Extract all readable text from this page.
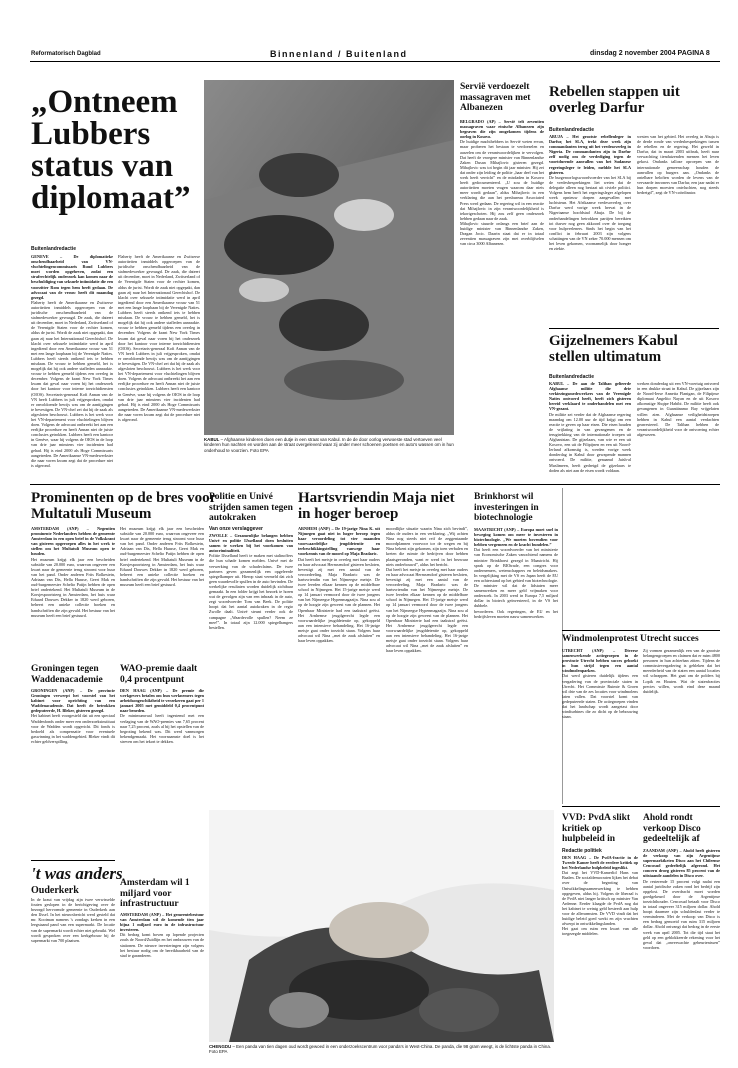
Reformatorisch Dagblad	Binnenland / Buitenland	dinsdag 2 november 2004 PAGINA 8
„Ontneem Lubbers status van diplomaat”
Buitenlandredactie

GENEVE – De diplomatieke onschendbaarheid van VN-vluchtelingencommissaris Ruud Lubbers moet worden opgeheven, zodat een strafrechtelijk onderzoek kan komen naar de beschuldiging van seksuele intimidatie die een voorzitter Rom tegen hem heeft gedaan. De advocaat van de vrouw heeft dit maandag gezegd.

Flaherty heeft de Amerikaanse en Zwitserse autoriteiten inmiddels opgeroepen van de juridische onschendbaarheid van de stafmedewerker gevraagd. De zaak, die dateert uit december, moet in Nederland, Zwitserland of de Verenigde Staten voor de rechter komen, aldus de jurist. Wordt de zaak niet opgepakt, dan gaan zij naar het Internationaal Gerechtshof. De klacht over seksuele intimidatie werd in april ingediend door een Amerikaanse vrouw van 51 met een lange loopbaan bij de Verenigde Naties. Lubbers heeft steeds ontkend iets te hebben misdaan. De vrouw te hebben gemeld, het is mogelijk dat hij ook andere stafleden aanraakte. vrouw te hebben gemeld tijdens een overleg in december. Volgens de krant New York Times kwam dat geval naar voren bij het onderzoek door het kantoor voor interne toezichtdiensten (OIOS). Secretaris-generaal Kofi Annan van de VN heeft Lubbers in juli vrijgesproken, omdat er onvoldoende bewijs was om de aantijgingen te bevestigen. De VN-chef zei dat hij de zaak als afgesloten beschouwt. Lubbers is het werk voor het VN-departement voor vluchtelingen blijven doen. Volgens de advocaat ontbreekt het aan een eerlijke procedure en heeft Annan niet de juiste conclusies getrokken. Lubbers heeft een kantoor in Genève, waar hij volgens de OIOS in de loop van drie jaar minstens vier incidenten had gehad. Hij is eind 2000 als Hoge Commissaris aangetreden. De Amerikaanse VN-medewerkster die naar voren kwam zegt dat de procedure niet is afgerond.

Flaherty heeft de Amerikaanse en Zwitserse autoriteiten inmiddels opgeroepen van de juridische onschendbaarheid van de stafmedewerker gevraagd. De zaak, die dateert uit december, moet in Nederland, Zwitserland of de Verenigde Staten voor de rechter komen, aldus de jurist. Wordt de zaak niet opgepakt, dan gaan zij naar het Internationaal Gerechtshof. De klacht over seksuele intimidatie werd in april ingediend door een Amerikaanse vrouw van 51 met een lange loopbaan bij de Verenigde Naties. Lubbers heeft steeds ontkend iets te hebben misdaan. De vrouw te hebben gemeld, het is mogelijk dat hij ook andere stafleden aanraakte. vrouw te hebben gemeld tijdens een overleg in december. Volgens de krant New York Times kwam dat geval naar voren bij het onderzoek door het kantoor voor interne toezichtdiensten (OIOS). Secretaris-generaal Kofi Annan van de VN heeft Lubbers in juli vrijgesproken, omdat er onvoldoende bewijs was om de aantijgingen te bevestigen. De VN-chef zei dat hij de zaak als afgesloten beschouwt. Lubbers is het werk voor het VN-departement voor vluchtelingen blijven doen. Volgens de advocaat ontbreekt het aan een eerlijke procedure en heeft Annan niet de juiste conclusies getrokken. Lubbers heeft een kantoor in Genève, waar hij volgens de OIOS in de loop van drie jaar minstens vier incidenten had gehad. Hij is eind 2000 als Hoge Commissaris aangetreden. De Amerikaanse VN-medewerkster die naar voren kwam zegt dat de procedure niet is afgerond.

KABUL – Afghaanse kinderen doen een dutje in een straat van Kabul. In de de door oorlog verwoeste stad vertoeven veel kinderen hun nachten en worden aan de straat overgeleverd waar zij onder meer schoenen poetsen en auto's wassen om in hun onderhoud te voorzien. Foto EPA
Servië verdoezelt massagraven met Albanezen

BELGRADO (AP) – Servië telt zeventien massagraven waar etnische Albanezen zijn begraven die zijn omgekomen tijdens de oorlog in Kosovo.

De huidige machthebbers in Servië weten ervan, maar proberen het bestaan te verdoezelen en aarzelen om de verantwoordelijken te vervolgen. Dat heeft de vroegere minister van Binnenlandse Zaken Dusan Mihajlovic gisteren gezegd. Mihajlovic was tot begin dit jaar minister. Hij zei dat onder zijn leiding de politie „haar deel van het werk heeft verricht” en de misdaden in Kosovo heeft gedocumenteerd. „U zou de huidige autoriteiten moeten vragen waarom daar niets meer wordt gedaan”, aldus Mihajlovic in een verklaring die aan het persbureau Associated Press werd gedaan. De regering wil in een reactie dat Mihajlovic in zijn verantwoordelijkheid is tekortgeschoten. Hij zou zelf geen onderzoek hebben gedaan naar de zaak.

Mihajlovic stuurde onlangs een brief aan de huidige minister van Binnenlandse Zaken, Dragan Jocic. Daarin staat dat er in totaal zeventien massagraven zijn met overblijfselen van circa 3000 Albanezen.

Rebellen stappen uit overleg Darfur
Buitenlandredactie

ABUJA – Het grootste rebellenleger in Darfur, het SLA, trekt deze week zijn commandanten terug uit het vredesoverleg in Nigeria. De commandanten zijn in Darfur zelf nodig om de verdediging tegen de voortdurende aanvallen van het Sudanese regeringsleger te leiden, meldde het SLA gisteren.

De burgeroorlogswoordvoerder van het SLA bij de vredesbesprekingen liet weten dat de delegatie alleen nog bestaat uit civiele politici. Volgens hem heeft het regeringsleger afgelopen week opnieuw dorpen aangevallen met luchtsteun. Het Afrikaanse vredesoverleg over Darfur werd vorige week hervat in de Nigeriaanse hoofdstad Abuja. De bij de onderhandelingen betrokken partijen bereikten tot dusver nog geen akkoord over de toegang voor hulpverleners. Sinds het begin van het conflict in februari 2003 zijn volgens schattingen van de VN zeker 70.000 mensen om het leven gekomen, voornamelijk door honger en ziekte.

westen van het gebied. Het overleg in Abuja is de derde ronde van vredesbesprekingen tussen de rebellen en de regering. Het geweld in Darfur, dat in maart 2003 uitbrak, heeft naar verwachting tienduizenden mensen het leven gekost. Ondanks talloze oproepen van de internationale gemeenschap houden de aanvallen op burgers aan. „Ondanks de ontelbare beloften worden de levens van de vervaarde inwoners van Darfur, een jaar nadat er hun dorpen moesten ontvluchten, nog steeds bedreigd”, zegt de VN-coördinator.

Gijzelnemers Kabul stellen ultimatum
Buitenlandredactie

KABUL – De aan de Taliban gelieerde Afghaanse militie die drie verkiezingsmedewerkers van de Verenigde Naties ontvoerd heeft, heeft zich gisteren bereid verklaard te onderhandelen met een VN-gezant.

De militie zei verder dat de Afghaanse regering maandag om 12.00 uur de tijd krijgt om een reactie te geven op haar eisen. Die eisen houden de vrijlating in van gevangenen en de terugtrekking van de internationale troepen uit Afghanistan. De gijzelaars, van wie er een uit Kosovo, een uit de Filipijnen en een uit Noord-Ierland afkomstig is, werden vorige week donderdag in Kabul door gewapende mannen ontvoerd. De militie, genaamd Jaish-al Muslimeen, heeft gedreigd de gijzelaars te doden als niet aan de eisen wordt voldaan.

werken donderdag uit een VN-voertuig ontvoerd in een drukke straat in Kabul. De gijzelaars zijn de Noord-Ierse Annetta Flanigan, de Filipijnse diplomaat Angelito Nayan en de uit Kosovo afkomstige Shqipe Habibi. De militie heeft ook gevangenen in Guantánamo Bay vrijgelaten willen zien. Afghaanse veiligheidstroepen hebben in Kabul een aantal verdachten gearresteerd. De Taliban hebben de verantwoordelijkheid voor de ontvoering echter afgewezen.

Prominenten op de bres voor Multatuli Museum

AMSTERDAM (ANP) – Negentien prominente Nederlanders hebben de gemeente Amsterdam in een open brief in de Volkskrant van gisteren opgeroepen alles in het werk te stellen om het Multatuli Museum open te houden.

Het museum krijgt elk jaar een bescheiden subsidie van 20.000 euro, waarvan ongeveer een kwart naar de gemeente terug stroomt voor huur van het pand. Onder anderen Frits Bolkestein, Adriaan van Dis, Hella Haasse, Geert Mak en oud-burgemeester Schelto Patijn hebben de open brief ondertekend. Het Multatuli Museum in de Korsjespoortsteeg in Amsterdam, het huis waar Eduard Douwes Dekker in 1820 werd geboren, beheert een unieke collectie boeken en handschriften die zijn gevuld. Het bestuur van het museum heeft een brief gestuurd.

Het museum krijgt elk jaar een bescheiden subsidie van 20.000 euro, waarvan ongeveer een kwart naar de gemeente terug stroomt voor huur van het pand. Onder anderen Frits Bolkestein, Adriaan van Dis, Hella Haasse, Geert Mak en oud-burgemeester Schelto Patijn hebben de open brief ondertekend. Het Multatuli Museum in de Korsjespoortsteeg in Amsterdam, het huis waar Eduard Douwes Dekker in 1820 werd geboren, beheert een unieke collectie boeken en handschriften die zijn gevuld. Het bestuur van het museum heeft een brief gestuurd.

Groningen tegen Waddenacademie

GRONINGEN (ANP) – De provincie Groningen verwerpt het voorstel van het kabinet voor oprichting van een Waddenacademie. Dat heeft de betrokken gedeputeerde, H. Bleker, gisteren gezegd.

Het kabinet heeft voorgesteld dat uit een speciaal Waddenfonds onder meer een onderzoeksinstituut voor de Wadden wordt opgericht. Dit fonds is bedoeld als compensatie voor eventuele gaswinning in het waddengebied. Bleker vindt dit echter geldverspilling.

't was anders
Ouderkerk

In de kraut van vrijdag zijn twee verwisselde fouten geslopen in de berichtgeving over de bezorgd hervormde gemeente in Ouderkerk aan den IJssel. In het nieuwsbericht werd gesteld dat mr. Kooiman namens 's zondags kerken in een leegstaand pand van een supermarkt. De locatie van de supermarkt wordt echter niet gebruikt. Wel wordt gesproken over een kerkgebouw bij de supermarkt van 700 plaatsen.

WAO-premie daalt 0,4 procentpunt

DEN HAAG (ANP) – De premie die werkgevers betalen om hun werknemers tegen arbeidsongeschiktheid te verzekeren gaat per 1 januari 2005 met gemiddeld 0,4 procentpunt naar beneden.

De minimumvaal heeft ingestemd met een verlaging van de WAO-premies van 7,65 procent naar 7,25 procent, zoals al bij het opstellen van de begroting bekend was. Dit werd vanmorgen bekendgemaakt. Het voornaamste doel is het streven om het tekort te dekken.

Amsterdam wil 1 miljard voor infrastructuur

AMSTERDAM (ANP) – Het gemeentebestuur van Amsterdam wil de komende tien jaar bijna 1 miljard euro in de infrastructuur investeren.

Dit bedrag komt boven op lopende projecten zoals de Noord/Zuidlijn en het ombouwen van de stationen. De nieuwe investeringen zijn volgens het bestuur nodig om de bereikbaarheid van de stad te garanderen.

Politie en Univé strijden samen tegen autokraken
Van onze verslaggever

ZWOLLE – Gezamenlijke belangen hebben Univé en politie IJsselland doen besluiten samen te werken bij het voorkomen van autocriminaliteit.

Politie IJsselland heeft te maken met stalinoffers die hun schade komen melden. Univé met de verwerking van de schadeclaims. De twee partners geven gezamenlijk een opgeleerde spiegelkamper uit. Hierop staat vermeld dat zich geen waardevolle spullen in de auto bevinden. De werkelijke resultaten worden duidelijk zichtbaar gemaakt. In een folder krijgt het bezoek te horen wat de gevolgen zijn van een inbraak in de auto, zegt woordvoerder Tom van Beek. De politie hoopt dat het aantal autokraken in de regio Zwolle daalt. Univé steunt verder ook de campagne „Waardevolle spullen? Neem ze mee!”. In totaal zijn 12.000 spiegelhangers bestellen.

Hartsvriendin Maja niet in hoger beroep

ARNHEM (ANP) – De 19-jarige Nina K. uit Nijmegen gaat niet in hoger beroep tegen haar veroordeling tot vier maanden voorwaardelijke jeugddetentie en terbeschikkingstelling vanwege haar voorkennis van de moord op Maja Bradaric.

Dat heeft het meisje in overleg met haar ouders en haar advocaat Hermsendorf gisteren besloten, bevestigt zij met een aantal van de veroordeeling. Maja Bradaric was de hartsvriendin van het Nijmeegse meisje. De twee leerden elkaar kennen op de middelbare school in Nijmegen. Het 15-jarige meisje werd op 14 januari vermoord door de twee jongens van het Nijmeegse Hypenmagazijn. Nina zou al op de hoogte zijn geweest van de plannen. Het Openbaar Ministerie had een taakstraf geëist. Het Arnhemse jeugdgerecht legde een voorwaardelijke jeugddetentie op, gekoppeld aan een intensieve behandeling. Het 16-jarige meisje gaat onder toezicht staan. Volgens haar advocaat wil Nina „met de zaak afsluiten” en haar leven oppakken.

moordlijke situatie waarin Nina zich bevindt”, aldus de ouders in een verklaring. „Wij achten Nina nog steeds niet reif de zeggentaande moordplannen voorvoor tor de wegen en bij Nina bekent zijn gekomen, zijn toen verbalen en kreten die ruimte de bedrijven door hebben plaatsgevonden, want er werd in het bezwaar niets onderbouwd”, aldus het bericht.

Dat heeft het meisje in overleg met haar ouders en haar advocaat Hermsendorf gisteren besloten, bevestigt zij met een aantal van de veroordeeling. Maja Bradaric was de hartsvriendin van het Nijmeegse meisje. De twee leerden elkaar kennen op de middelbare school in Nijmegen. Het 15-jarige meisje werd op 14 januari vermoord door de twee jongens van het Nijmeegse Hypenmagazijn. Nina zou al op de hoogte zijn geweest van de plannen. Het Openbaar Ministerie had een taakstraf geëist. Het Arnhemse jeugdgerecht legde een voorwaardelijke jeugddetentie op, gekoppeld aan een intensieve behandeling. Het 16-jarige meisje gaat onder toezicht staan. Volgens haar advocaat wil Nina „met de zaak afsluiten” en haar leven oppakken.

Brinkhorst wil investeringen in biotechnologie

MAASTRICHT (ANP) – Europa moet snel in beweging komen om meer te investeren in biotechnologie. „We moeten bovendien voor hebben vergemeen en de kracht bundelen.”

Dat heeft een woordvoerder van het ministerie van Economische Zaken vanochtend namens de minister Brinkhorst gezegd in Maastricht. Hij sprak op de BIOtrade, een congres voor ondernemers, wetenschappers en beleidsmakers. In vergelijking met de VS en Japan heeft de EU een achterstand op het gebied van biotechnologie. De minister wil dat de lidstaten meer samenwerken en meer geld vrijmaken voor onderzoek. In 2003 werd in Europa 7,5 miljard dollar in biotech geïnvesteerd, in de VS het dubbele.

bevorderen. Ook regeringen, de EU en het bedrijfsleven moeten nauw samenwerken.

Windmolenprotest Utrecht succes

UTRECHT (ANP) – Diverse samenwerkende actiegroepen in de provincie Utrecht hebben succes geboekt in hun strijd tegen een aantal windmolenparken.

Dat werd gisteren duidelijk tijdens een vergadering van de provinciale staten in Utrecht. Het Commissie Ruimte & Groen wil drie van de zes locaties voor windmolens laten vallen. Dat voorstel komt van gedeputeerde staten. De actiegroepen vinden dat het landschap wordt aangetast door windturbines die zo dicht op de bebouwing staan.

Zij vormen gezamenlijk een van de grootste belangengroepen en claimen dat er ruim 4800 personen in hun achterban zitten. Tijdens de commissievergadering is gebleken dat het meerderheid van de staten een aantal locaties wil schrappen. Het gaat om de polders bij Lopik en Houten. Wat de statenfracties precies willen, wordt eind deze maand duidelijk.

CHENGDU – Een panda van tien dagen oud wordt gewoed in een onderzoekscentrum voor panda's in West-China. De panda, die 98 gram weegt, is de lichtste panda in China. Foto EPA
VVD: PvdA slikt kritiek op hulpbeleid in
Redactie politiek

DEN HAAG – De PvdA-fractie in de Tweede Kamer heeft de eerdere kritiek op het Nederlandse hulpbeleid ingeslikt.

Dat zegt het VVD-Kamerlid Hans van Baalen. De socialdemocraten lijken het debat over de begroting van Ontwikkelingssamenwerking te hebben opgegeven, aldus hij. Volgens de liberaal is de PvdA niet langer kritisch op minister Van Ardenne. Eerder klaagde de PvdA nog dat het kabinet te weinig geld besteedt aan hulp voor de allerarmsten. De VVD vindt dat het huidige beleid goed werkt en zijn vruchten afwerpt in ontwikkelingslanden.

Het gaat om ruim een kwart van alle toegezegde middelen.

Ahold rondt verkoop Disco gedeeltelijk af

ZAANDAM (ANP) – Ahold heeft gisteren de verkoop van zijn Argentijnse supermarktketen Disco aan het Chileense Cencosud gedeeltelijk afgerond. Het concern droeg gisteren 85 procent van de uitstaande aandelen in Disco over.

De resterende 15 procent volgt nadat een aantal juridische zaken rond het bedrijf zijn opgelost. De overdracht moet worden goedgekeurd door de Argentijnse toezichthouder. Cencosud betaalt voor Disco in totaal ongeveer 315 miljoen dollar. Ahold hoopt daarmee zijn schuldenlast verder te verminderen. Met de verkoop van Disco is een bedrag gemoeid van ruim 315 miljoen dollar. Ahold ontvangt dat bedrag in de eerste week van april 2005. Tot die tijd staat het geld op een geblokkeerde rekening voor het geval dat „onverwachte gebeurtenissen” voordoen.
